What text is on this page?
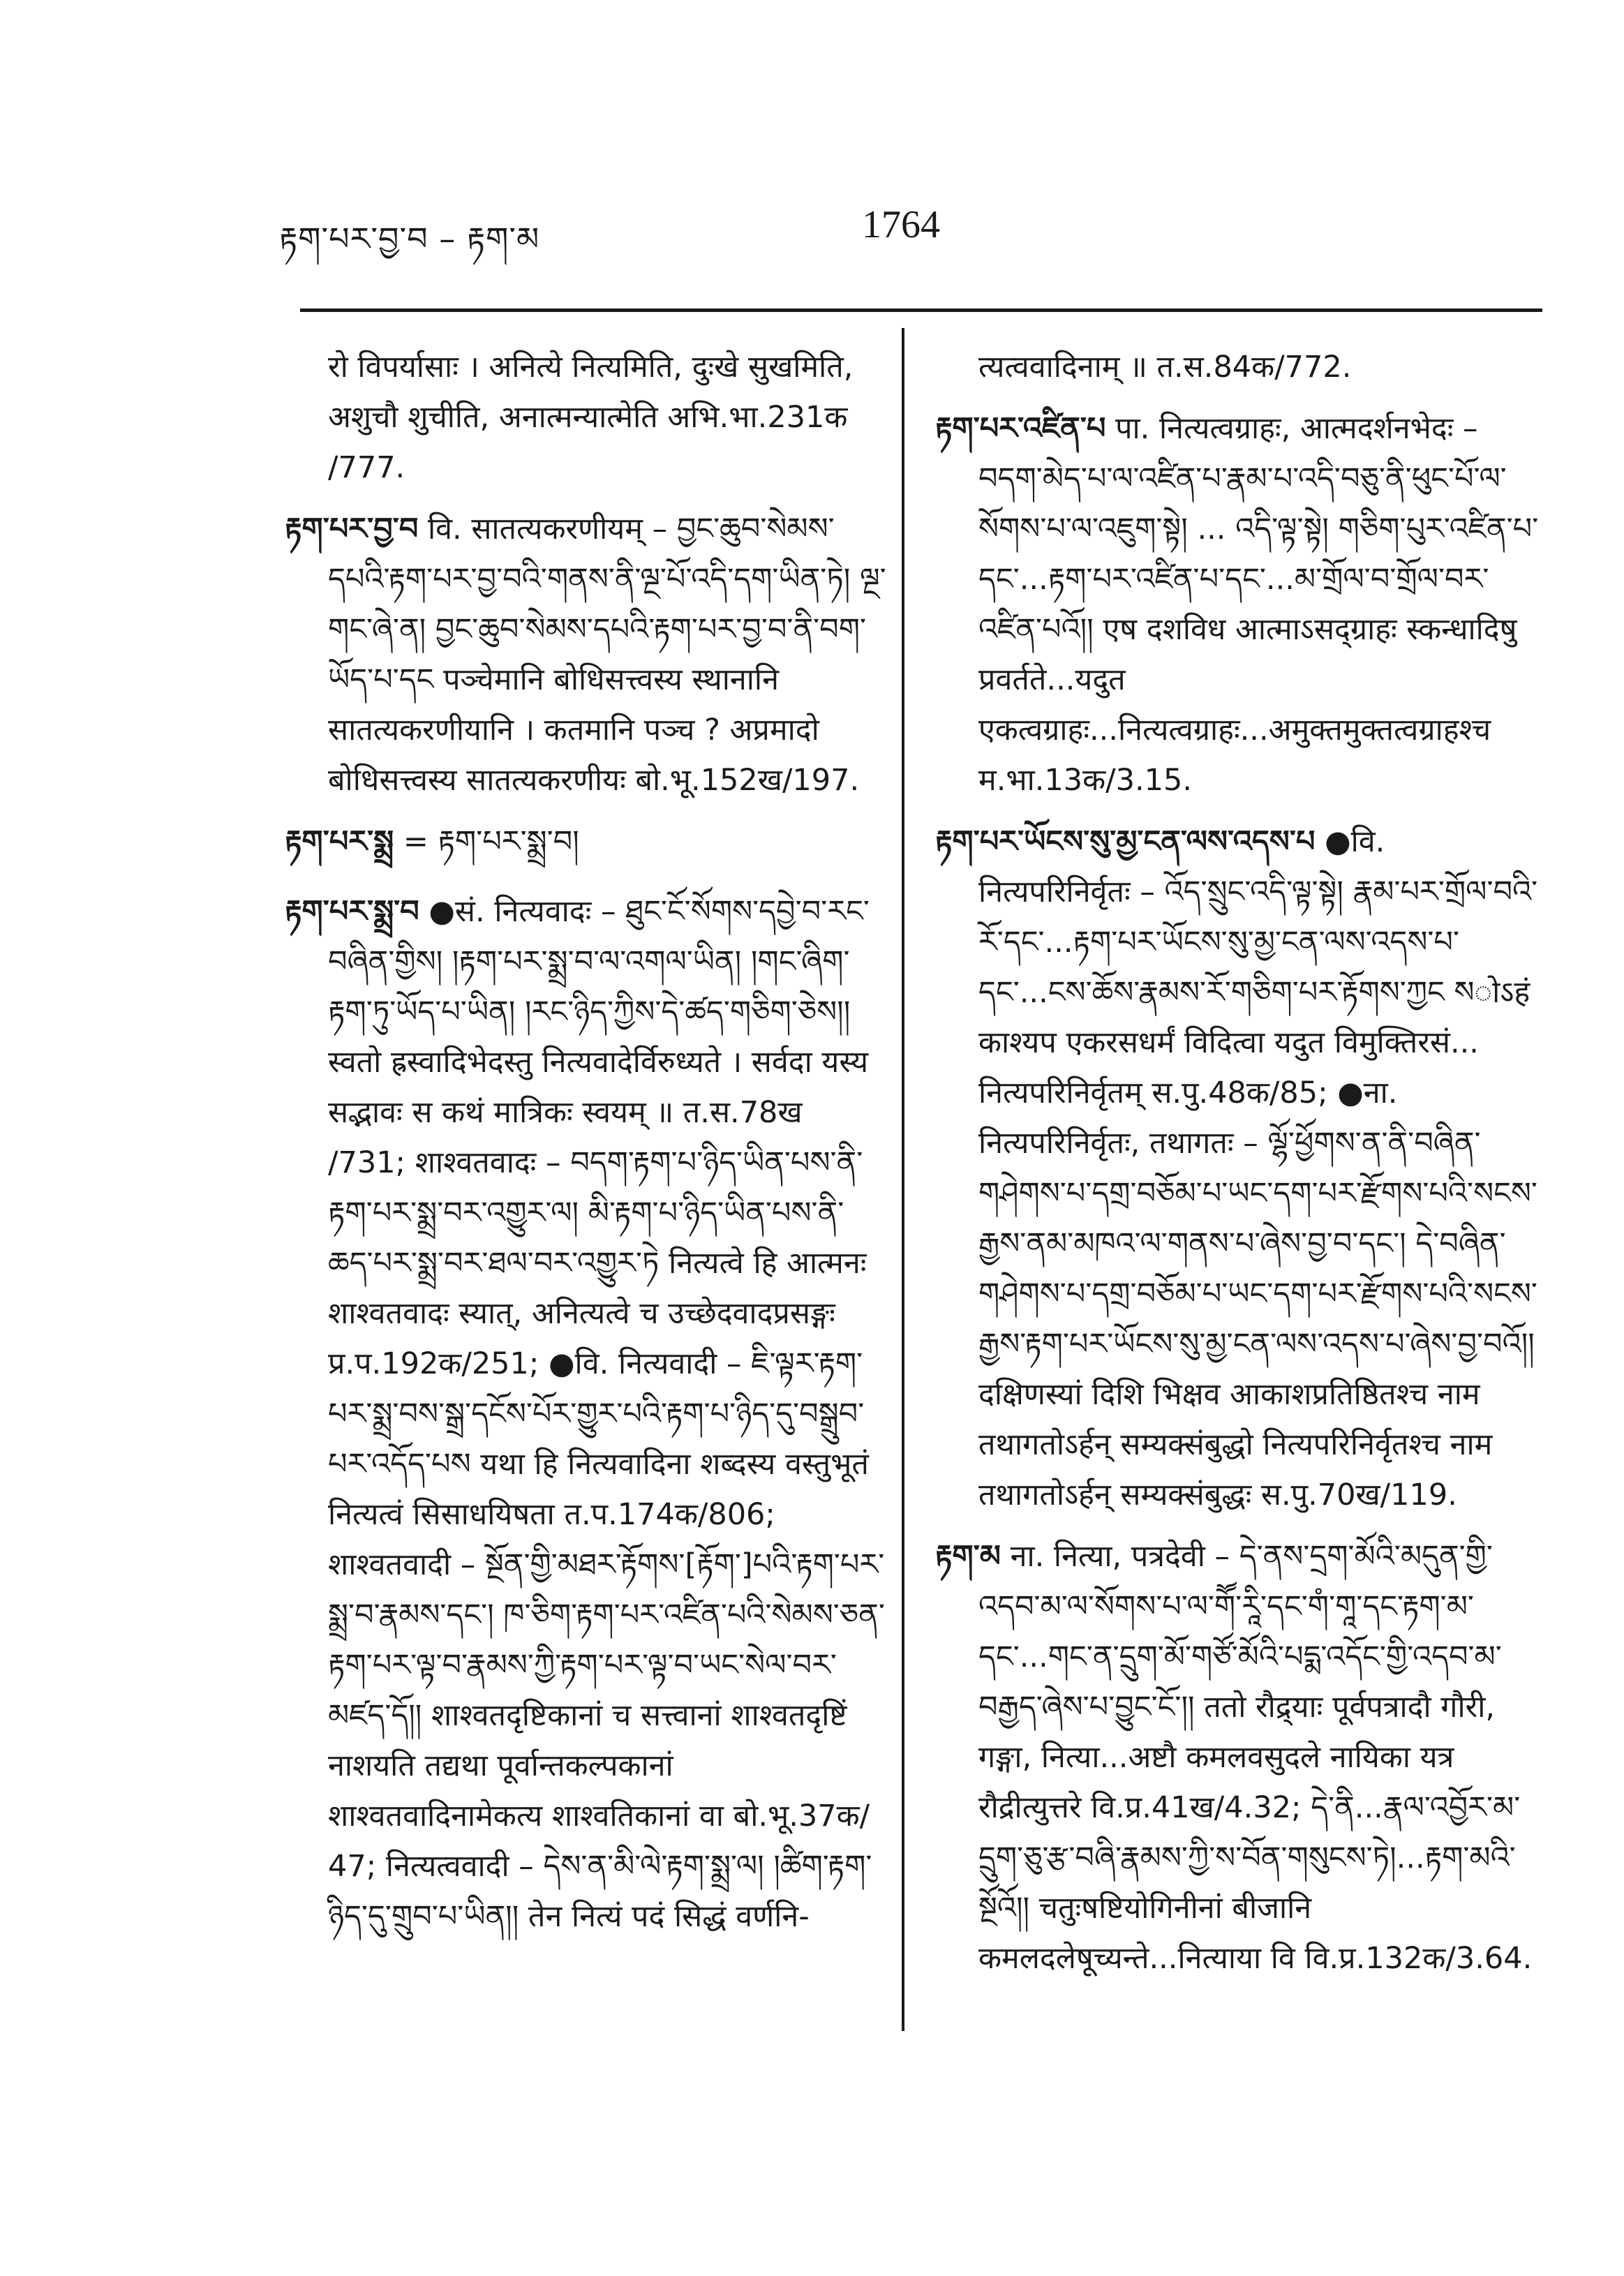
རྟག་པར་བྱ་བ – རྟག་མ	1764

रो विपर्यासाः । अनित्ये नित्यमिति, दुःखे सुखमिति, अशुचौ शुचीति, अनात्मन्यात्मेति अभि.भा.231क /777.

རྟག་པར་བྱ་བ वि. सातत्यकरणीयम् – བྱང་ཆུབ་སེམས་དཔའི་རྟག་པར་བྱ་བའི་གནས་ནི་ལྔ་པོ་འདི་དག་ཡིན་ཏེ། ལྔ་གང་ཞེ་ན། བྱང་ཆུབ་སེམས་དཔའི་རྟག་པར་བྱ་བ་ནི་བག་ཡོད་པ་དང पञ्चेमानि बोधिसत्त्वस्य स्थानानि सातत्यकरणीयानि । कतमानि पञ्च ? अप्रमादो बोधिसत्त्वस्य सातत्यकरणीयः बो.भू.152ख/197.

རྟག་པར་སྨྲ = རྟག་པར་སྨྲ་བ།

རྟག་པར་སྨྲ་བ ●सं. नित्यवादः – ཐུང་ངོ་སོགས་དབྱེ་བ་རང་བཞིན་གྱིས། །རྟག་པར་སྨྲ་བ་ལ་འགལ་ཡིན། །གང་ཞིག་རྟག་ཏུ་ཡོད་པ་ཡིན། །རང་ཉིད་ཀྱིས་དེ་ཚད་གཅིག་ཅེས།། स्वतो ह्रस्वादिभेदस्तु नित्यवादेर्विरुध्यते । सर्वदा यस्य सद्भावः स कथं मात्रिकः स्वयम् ॥ त.स.78ख /731; शाश्वतवादः – བདག་རྟག་པ་ཉིད་ཡིན་པས་ནི་རྟག་པར་སྨྲ་བར་འགྱུར་ལ། མི་རྟག་པ་ཉིད་ཡིན་པས་ནི་ཆད་པར་སྨྲ་བར་ཐལ་བར་འགྱུར་ཏེ नित्यत्वे हि आत्मनः शाश्वतवादः स्यात्, अनित्यत्वे च उच्छेदवादप्रसङ्गः प्र.प.192क/251; ●वि. नित्यवादी – ཇི་ལྟར་རྟག་པར་སྨྲ་བས་སྒྲ་དངོས་པོར་གྱུར་པའི་རྟག་པ་ཉིད་དུ་བསྒྲུབ་པར་འདོད་པས यथा हि नित्यवादिना शब्दस्य वस्तुभूतं नित्यत्वं सिसाधयिषता त.प.174क/806; शाश्वतवादी – སྔོན་གྱི་མཐར་རྟོགས་[རྟོག་]པའི་རྟག་པར་སྨྲ་བ་རྣམས་དང་། ཁ་ཅིག་རྟག་པར་འཛིན་པའི་སེམས་ཅན་རྟག་པར་ལྟ་བ་རྣམས་ཀྱི་རྟག་པར་ལྟ་བ་ཡང་སེལ་བར་མཛད་དོ།། शाश्वतदृष्टिकानां च सत्त्वानां शाश्वतदृष्टिं नाशयति तद्यथा पूर्वान्तकल्पकानां शाश्वतवादिनामेकत्य शाश्वतिकानां वा बो.भू.37क/ 47; नित्यत्ववादी – དེས་ན་མི་ལེ་རྟག་སྨྲ་ལ། །ཚིག་རྟག་ཉིད་དུ་གྲུབ་པ་ཡིན།། तेन नित्यं पदं सिद्धं वर्णनि-

त्यत्ववादिनाम् ॥ त.स.84क/772.

རྟག་པར་འཛིན་པ पा. नित्यत्वग्राहः, आत्मदर्शनभेदः – བདག་མེད་པ་ལ་འཛིན་པ་རྣམ་པ་འདི་བཅུ་ནི་ཕུང་པོ་ལ་སོགས་པ་ལ་འཇུག་སྟེ། ... འདི་ལྟ་སྟེ། གཅིག་པུར་འཛིན་པ་དང་...རྟག་པར་འཛིན་པ་དང་...མ་གྲོལ་བ་གྲོལ་བར་འཛིན་པའོ།། एष दशविध आत्माऽसद्ग्राहः स्कन्धादिषु प्रवर्तते...यदुत एकत्वग्राहः...नित्यत्वग्राहः...अमुक्तमुक्तत्वग्राहश्च म.भा.13क/3.15.

རྟག་པར་ཡོངས་སུ་མྱ་ངན་ལས་འདས་པ ●वि. नित्यपरिनिर्वृतः – འོད་སྲུང་འདི་ལྟ་སྟེ། རྣམ་པར་གྲོལ་བའི་རོ་དང་...རྟག་པར་ཡོངས་སུ་མྱ་ངན་ལས་འདས་པ་དང་...ངས་ཆོས་རྣམས་རོ་གཅིག་པར་རྟོགས་ཀྱང སोऽहं काश्यप एकरसधर्मं विदित्वा यदुत विमुक्तिरसं... नित्यपरिनिर्वृतम् स.पु.48क/85; ●ना. नित्यपरिनिर्वृतः, तथागतः – ལྷོ་ཕྱོགས་ན་ནི་བཞིན་གཤེགས་པ་དགྲ་བཅོམ་པ་ཡང་དག་པར་རྫོགས་པའི་སངས་རྒྱས་ནམ་མཁའ་ལ་གནས་པ་ཞེས་བྱ་བ་དང་། དེ་བཞིན་གཤེགས་པ་དགྲ་བཅོམ་པ་ཡང་དག་པར་རྫོགས་པའི་སངས་རྒྱས་རྟག་པར་ཡོངས་སུ་མྱ་ངན་ལས་འདས་པ་ཞེས་བྱ་བའོ།། दक्षिणस्यां दिशि भिक्षव आकाशप्रतिष्ठितश्च नाम तथागतोऽर्हन् सम्यक्संबुद्धो नित्यपरिनिर्वृतश्च नाम तथागतोऽर्हन् सम्यक्संबुद्धः स.पु.70ख/119.

རྟག་མ ना. नित्या, पत्रदेवी – དེ་ནས་དྲག་མོའི་མདུན་གྱི་འདབ་མ་ལ་སོགས་པ་ལ་གཽ་རཱི་དང་གཾ་གཱ་དང་རྟག་མ་དང་...གང་ན་དྲུག་མོ་གཙོ་མོའི་པདྨ་འདོང་གྱི་འདབ་མ་བརྒྱད་ཞེས་པ་བྱུང་ངོ་།། ततो रौद्र्याः पूर्वपत्रादौ गौरी, गङ्गा, नित्या...अष्टौ कमलवसुदले नायिका यत्र रौद्रीत्युत्तरे वि.प्र.41ख/4.32; དེ་ནི...རྣལ་འབྱོར་མ་དྲུག་ཅུ་རྩ་བཞི་རྣམས་ཀྱི་ས་བོན་གསུངས་ཏེ།...རྟག་མའི་སྔོའོ།། चतुःषष्टियोगिनीनां बीजानि कमलदलेषूच्यन्ते...नित्याया वि वि.प्र.132क/3.64.
